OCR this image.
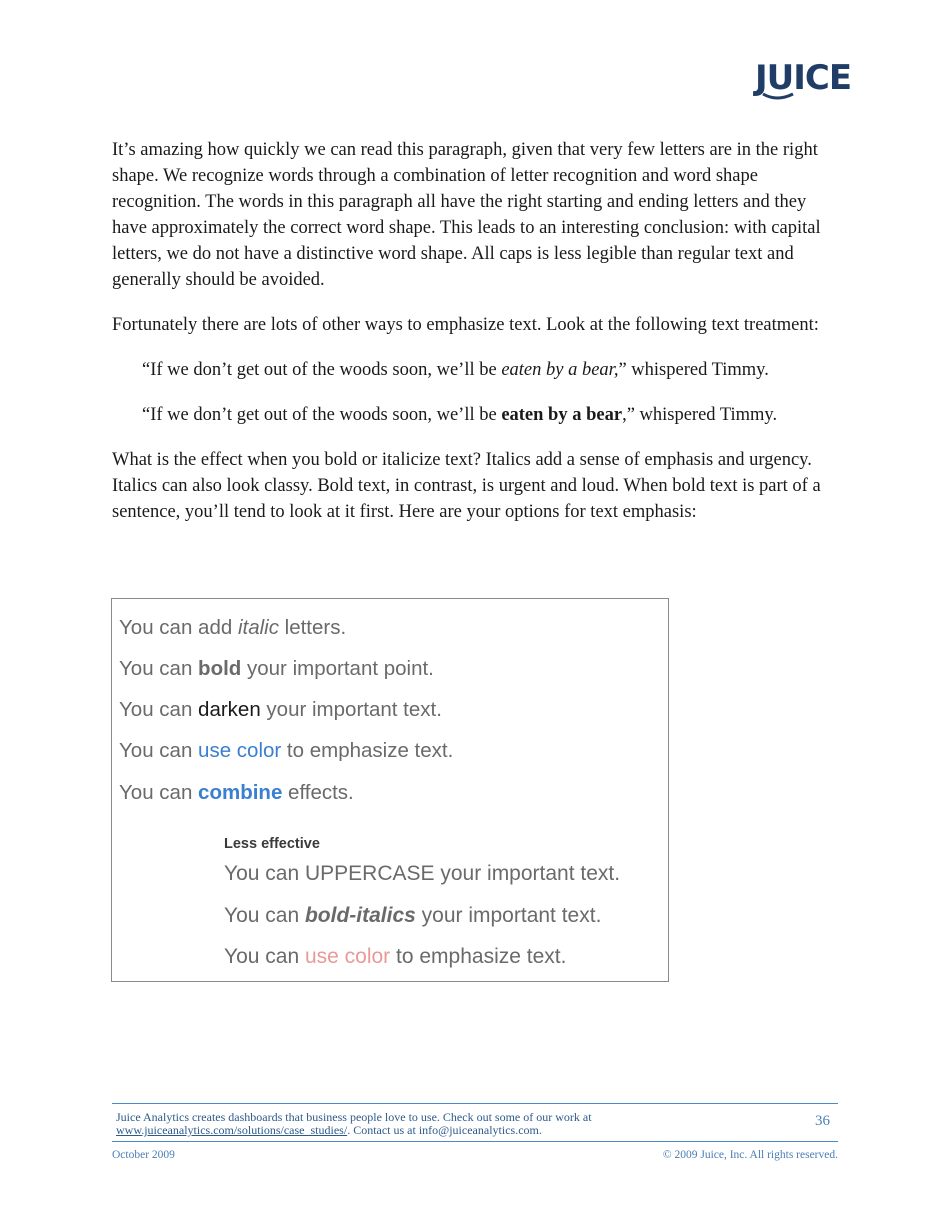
JUICE

It’s amazing how quickly we can read this paragraph, given that very few letters are in the right shape. We recognize words through a combination of letter recognition and word shape recognition. The words in this paragraph all have the right starting and ending letters and they have approximately the correct word shape. This leads to an interesting conclusion: with capital letters, we do not have a distinctive word shape. All caps is less legible than regular text and generally should be avoided.

Fortunately there are lots of other ways to emphasize text. Look at the following text treatment:

“If we don’t get out of the woods soon, we’ll be eaten by a bear,” whispered Timmy.

“If we don’t get out of the woods soon, we’ll be eaten by a bear,” whispered Timmy.

What is the effect when you bold or italicize text? Italics add a sense of emphasis and urgency. Italics can also look classy. Bold text, in contrast, is urgent and loud. When bold text is part of a sentence, you’ll tend to look at it first. Here are your options for text emphasis:

You can add italic letters.
You can bold your important point.
You can darken your important text.
You can use color to emphasize text.
You can combine effects.
Less effective
You can UPPERCASE your important text.
You can bold-italics your important text.
You can use color to emphasize text.
Juice Analytics creates dashboards that business people love to use. Check out some of our work at
www.juiceanalytics.com/solutions/case_studies/. Contact us at info@juiceanalytics.com.
36
October 2009	© 2009 Juice, Inc. All rights reserved.
